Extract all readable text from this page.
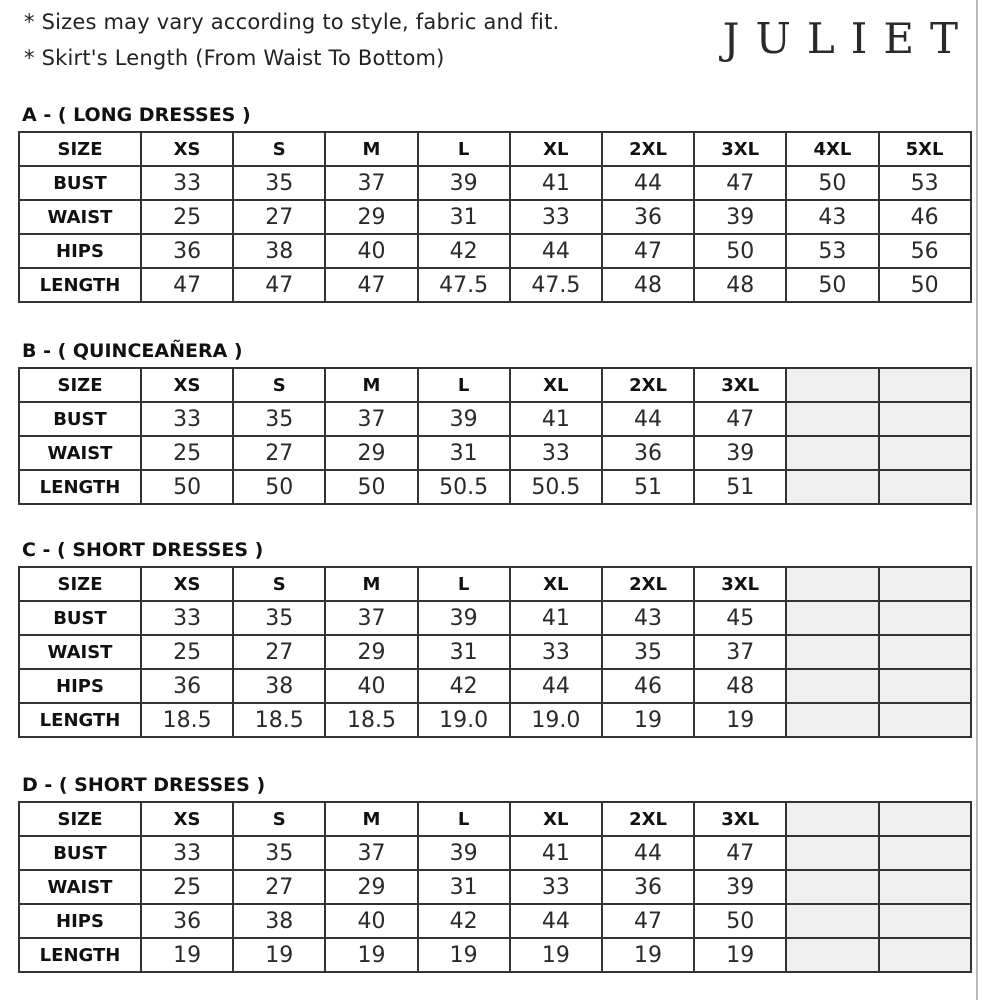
* Sizes may vary according to style, fabric and fit.
* Skirt's Length (From Waist To Bottom)	JULIET
A - ( LONG DRESSES )
SIZE	XS	S	M	L	XL	2XL	3XL	4XL	5XL
BUST	33	35	37	39	41	44	47	50	53
WAIST	25	27	29	31	33	36	39	43	46
HIPS	36	38	40	42	44	47	50	53	56
LENGTH	47	47	47	47.5	47.5	48	48	50	50
B - ( QUINCEAÑERA )
SIZE	XS	S	M	L	XL	2XL	3XL		
BUST	33	35	37	39	41	44	47		
WAIST	25	27	29	31	33	36	39		
LENGTH	50	50	50	50.5	50.5	51	51		
C - ( SHORT DRESSES )
SIZE	XS	S	M	L	XL	2XL	3XL		
BUST	33	35	37	39	41	43	45		
WAIST	25	27	29	31	33	35	37		
HIPS	36	38	40	42	44	46	48		
LENGTH	18.5	18.5	18.5	19.0	19.0	19	19		
D - ( SHORT DRESSES )
SIZE	XS	S	M	L	XL	2XL	3XL		
BUST	33	35	37	39	41	44	47		
WAIST	25	27	29	31	33	36	39		
HIPS	36	38	40	42	44	47	50		
LENGTH	19	19	19	19	19	19	19		
